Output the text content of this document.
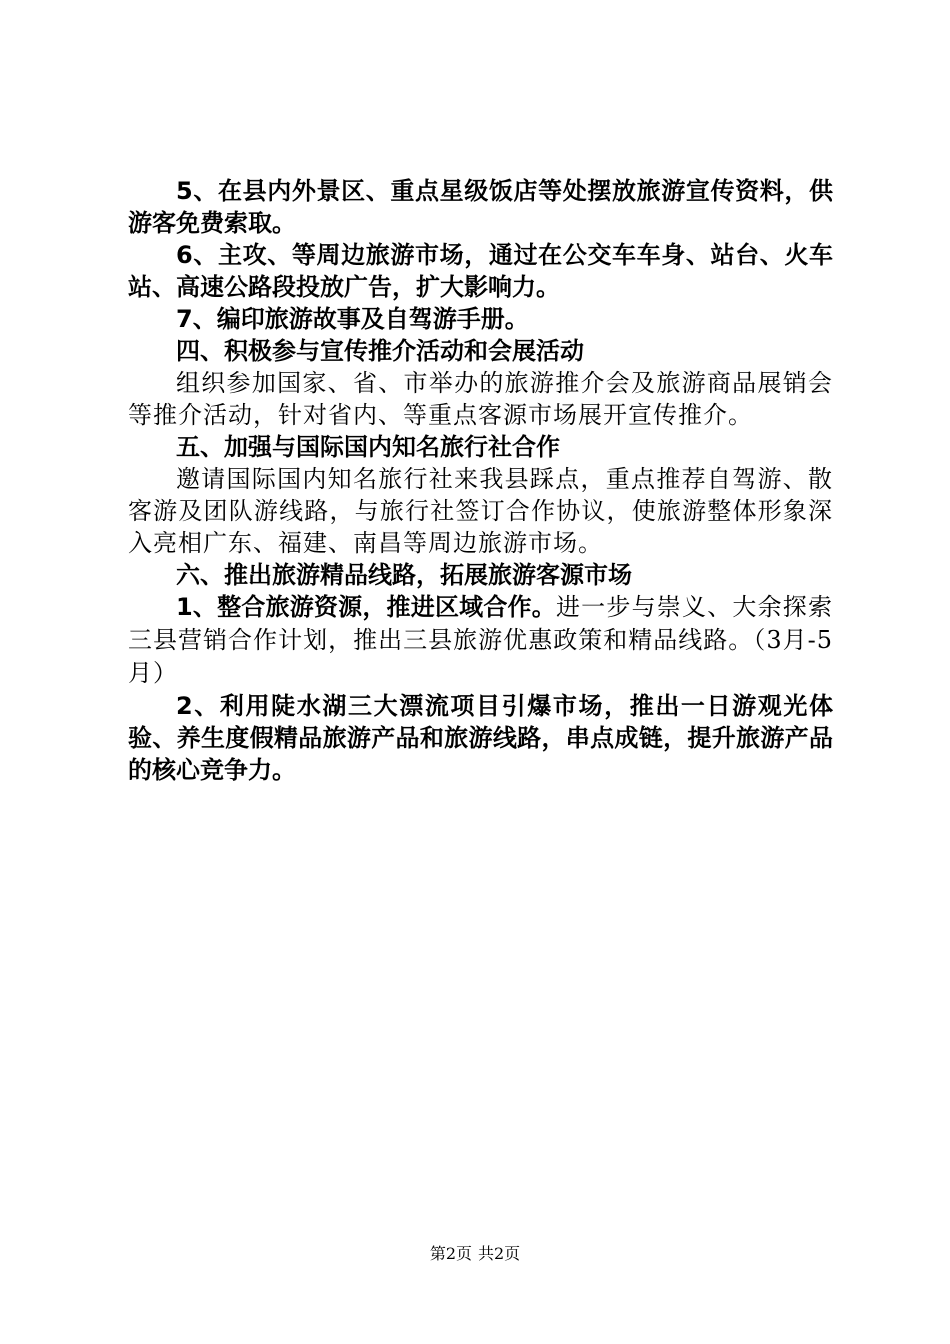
5、在县内外景区、重点星级饭店等处摆放旅游宣传资料，供游客免费索取。

6、主攻、等周边旅游市场，通过在公交车车身、站台、火车站、高速公路段投放广告，扩大影响力。

7、编印旅游故事及自驾游手册。

四、积极参与宣传推介活动和会展活动

组织参加国家、省、市举办的旅游推介会及旅游商品展销会等推介活动，针对省内、等重点客源市场展开宣传推介。

五、加强与国际国内知名旅行社合作

邀请国际国内知名旅行社来我县踩点，重点推荐自驾游、散客游及团队游线路，与旅行社签订合作协议，使旅游整体形象深入亮相广东、福建、南昌等周边旅游市场。

六、推出旅游精品线路，拓展旅游客源市场

1、整合旅游资源，推进区域合作。进一步与崇义、大余探索三县营销合作计划，推出三县旅游优惠政策和精品线路。（3月-5月）

2、利用陡水湖三大漂流项目引爆市场，推出一日游观光体验、养生度假精品旅游产品和旅游线路，串点成链，提升旅游产品的核心竞争力。

第2页 共2页
